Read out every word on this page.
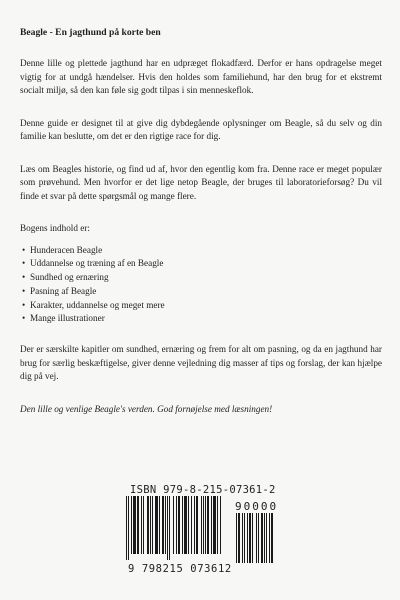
Beagle - En jagthund på korte ben

Denne lille og plettede jagthund har en udpræget flokadfærd. Derfor er hans opdragelse meget vigtig for at undgå hændelser. Hvis den holdes som familiehund, har den brug for et ekstremt socialt miljø, så den kan føle sig godt tilpas i sin menneskeflok.

Denne guide er designet til at give dig dybdegående oplysninger om Beagle, så du selv og din familie kan beslutte, om det er den rigtige race for dig.

Læs om Beagles historie, og find ud af, hvor den egentlig kom fra. Denne race er meget populær som prøvehund. Men hvorfor er det lige netop Beagle, der bruges til laboratorieforsøg? Du vil finde et svar på dette spørgsmål og mange flere.

Bogens indhold er:

• Hunderacen Beagle
• Uddannelse og træning af en Beagle
• Sundhed og ernæring
• Pasning af Beagle
• Karakter, uddannelse og meget mere
• Mange illustrationer

Der er særskilte kapitler om sundhed, ernæring og frem for alt om pasning, og da en jagthund har brug for særlig beskæftigelse, giver denne vejledning dig masser af tips og forslag, der kan hjælpe dig på vej.

Den lille og venlige Beagle's verden. God fornøjelse med læsningen!

ISBN 979-8-215-07361-2
90000
9 798215 073612
